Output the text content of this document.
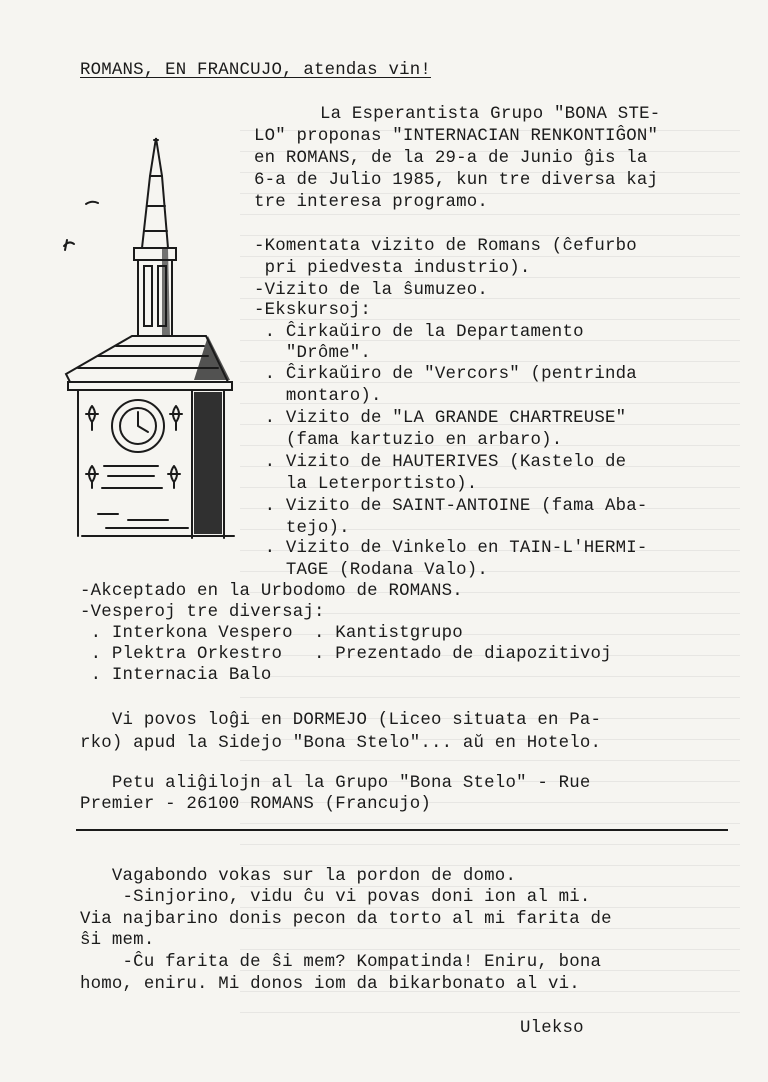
ROMANS, EN FRANCUJO, atendas vin!
La Esperantista Grupo "BONA STE-
LO" proponas "INTERNACIAN RENKONTIĜON"
en ROMANS, de la 29-a de Junio ĝis la
6-a de Julio 1985, kun tre diversa kaj
tre interesa programo.
-Komentata vizito de Romans (ĉefurbo
pri piedvesta industrio).
-Vizito de la ŝumuzeo.
-Ekskursoj:
. Ĉirkaŭiro de la Departamento
"Drôme".
. Ĉirkaŭiro de "Vercors" (pentrinda
montaro).
. Vizito de "LA GRANDE CHARTREUSE"
(fama kartuzio en arbaro).
. Vizito de HAUTERIVES (Kastelo de
la Leterportisto).
. Vizito de SAINT-ANTOINE (fama Aba-
tejo).
. Vizito de Vinkelo en TAIN-L'HERMI-
TAGE (Rodana Valo).
-Akceptado en la Urbodomo de ROMANS.
-Vesperoj tre diversaj:
. Interkona Vespero  . Kantistgrupo
. Plektra Orkestro   . Prezentado de diapozitivoj
. Internacia Balo
Vi povos loĝi en DORMEJO (Liceo situata en Pa-
rko) apud la Sidejo "Bona Stelo"... aŭ en Hotelo.
Petu aliĝilojn al la Grupo "Bona Stelo" - Rue
Premier - 26100 ROMANS (Francujo)
Vagabondo vokas sur la pordon de domo.
-Sinjorino, vidu ĉu vi povas doni ion al mi.
Via najbarino donis pecon da torto al mi farita de
ŝi mem.
-Ĉu farita de ŝi mem? Kompatinda! Eniru, bona
homo, eniru. Mi donos iom da bikarbonato al vi.
Ulekso
